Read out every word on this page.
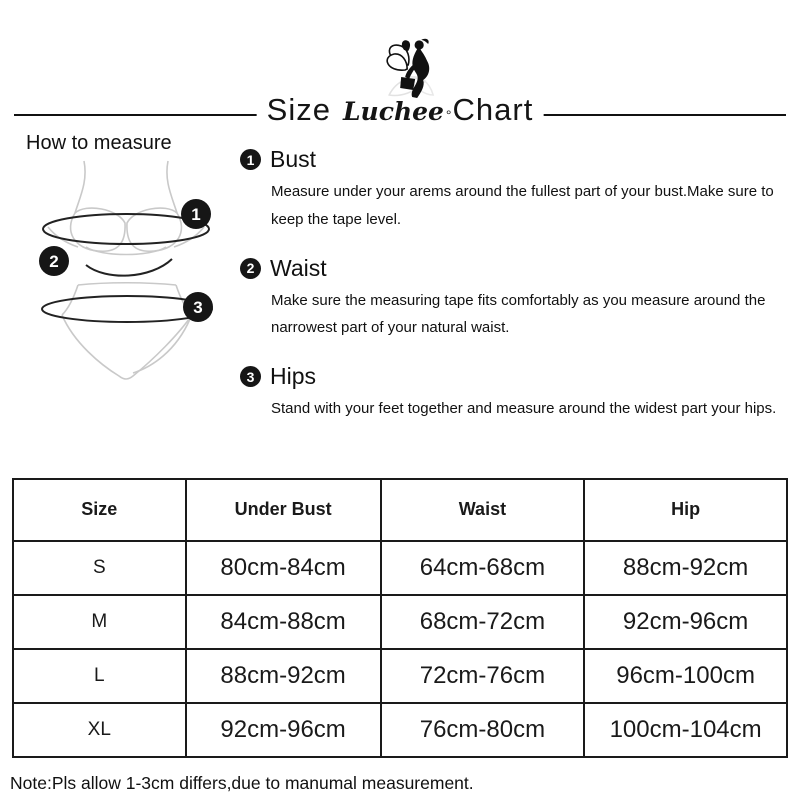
Size Luchee ° Chart
How to measure
1
2
3
1 Bust

Measure under your arems around the fullest part of your bust.Make sure to keep the tape level.

2 Waist

Make sure the measuring tape fits comfortably as you measure around the narrowest part of your natural waist.

3 Hips

Stand with your feet together and measure around the widest part your hips.

Size	Under Bust	Waist	Hip
S	80cm-84cm	64cm-68cm	88cm-92cm
M	84cm-88cm	68cm-72cm	92cm-96cm
L	88cm-92cm	72cm-76cm	96cm-100cm
XL	92cm-96cm	76cm-80cm	100cm-104cm

Note:Pls allow 1-3cm differs,due to manumal measurement.
